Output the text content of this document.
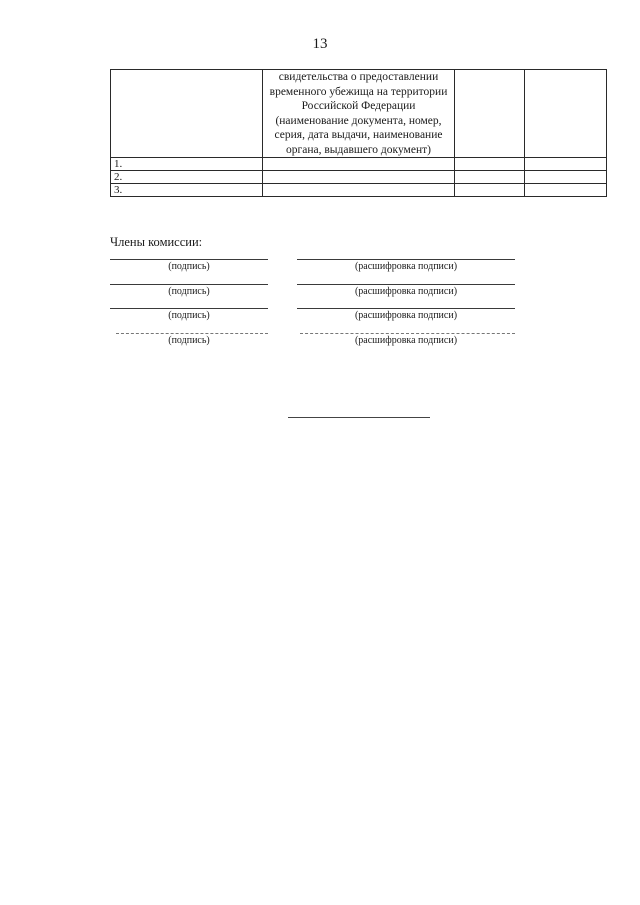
13
	свидетельства о предоставлении временного убежища на территории Российской Федерации (наименование документа, номер, серия, дата выдачи, наименование органа, выдавшего документ)		
1.			
2.			
3.			
Члены комиссии:
(подпись)	(расшифровка подписи)
(подпись)	(расшифровка подписи)
(подпись)	(расшифровка подписи)
(подпись)	(расшифровка подписи)
